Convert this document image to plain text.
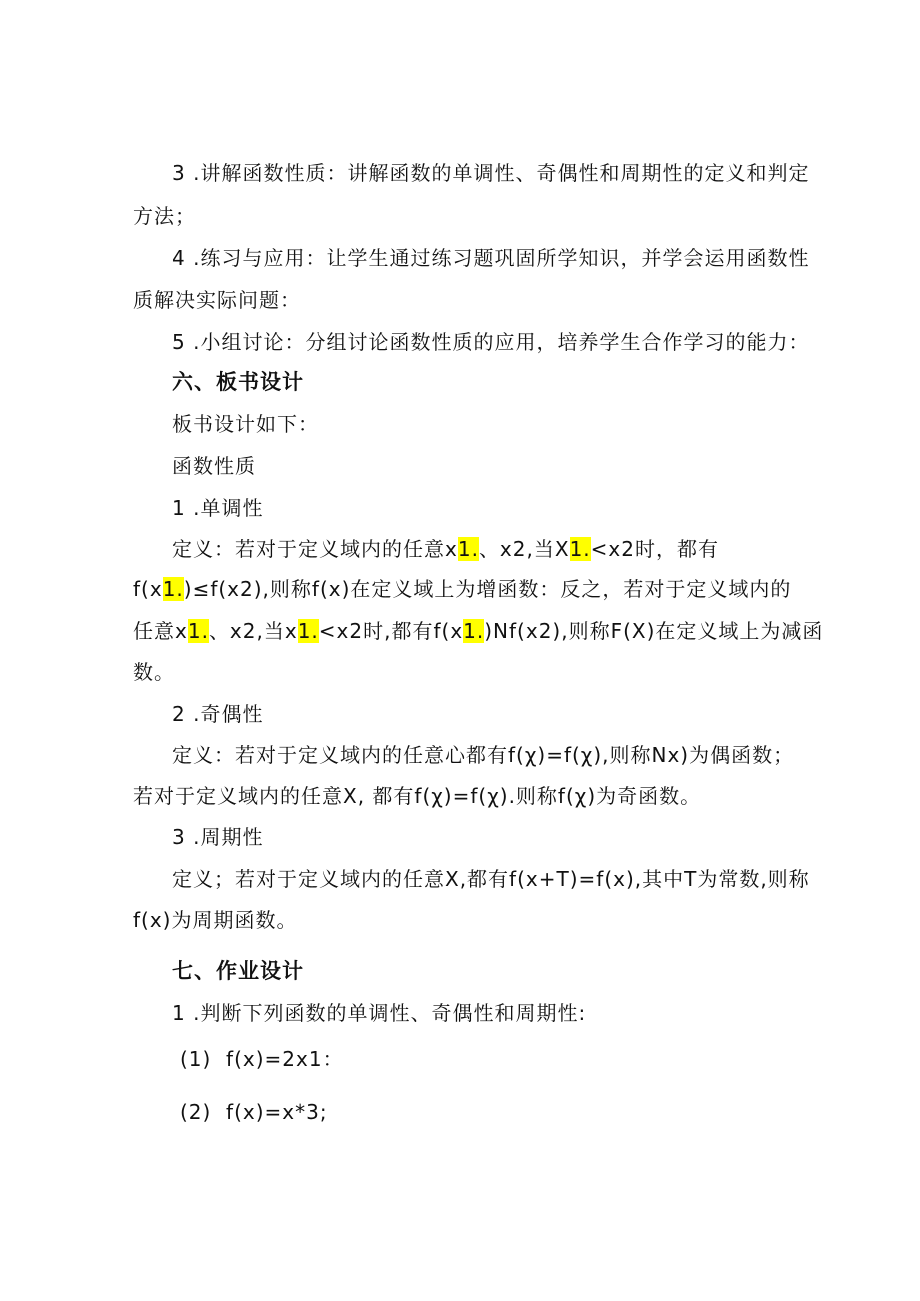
3 .讲解函数性质：讲解函数的单调性、奇偶性和周期性的定义和判定
方法；
4 .练习与应用：让学生通过练习题巩固所学知识，并学会运用函数性
质解决实际问题：
5 .小组讨论：分组讨论函数性质的应用，培养学生合作学习的能力：
六、板书设计
板书设计如下：
函数性质
1 .单调性
定义：若对于定义域内的任意x1.、x2,当X1.<x2时，都有
f(x1.)≤f(x2),则称f(x)在定义域上为增函数：反之，若对于定义域内的
任意x1.、x2,当x1.<x2时,都有f(x1.)Nf(x2),则称F(X)在定义域上为减函
数。
2 .奇偶性
定义：若对于定义域内的任意心都有f(χ)=f(χ),则称Nx)为偶函数；
若对于定义域内的任意X, 都有f(χ)=f(χ).则称f(χ)为奇函数。
3 .周期性
定义；若对于定义域内的任意X,都有f(x+T)=f(x),其中T为常数,则称
f(x)为周期函数。
七、作业设计
1 .判断下列函数的单调性、奇偶性和周期性:
(1)  f(x)=2x1：
(2)  f(x)=x*3;
